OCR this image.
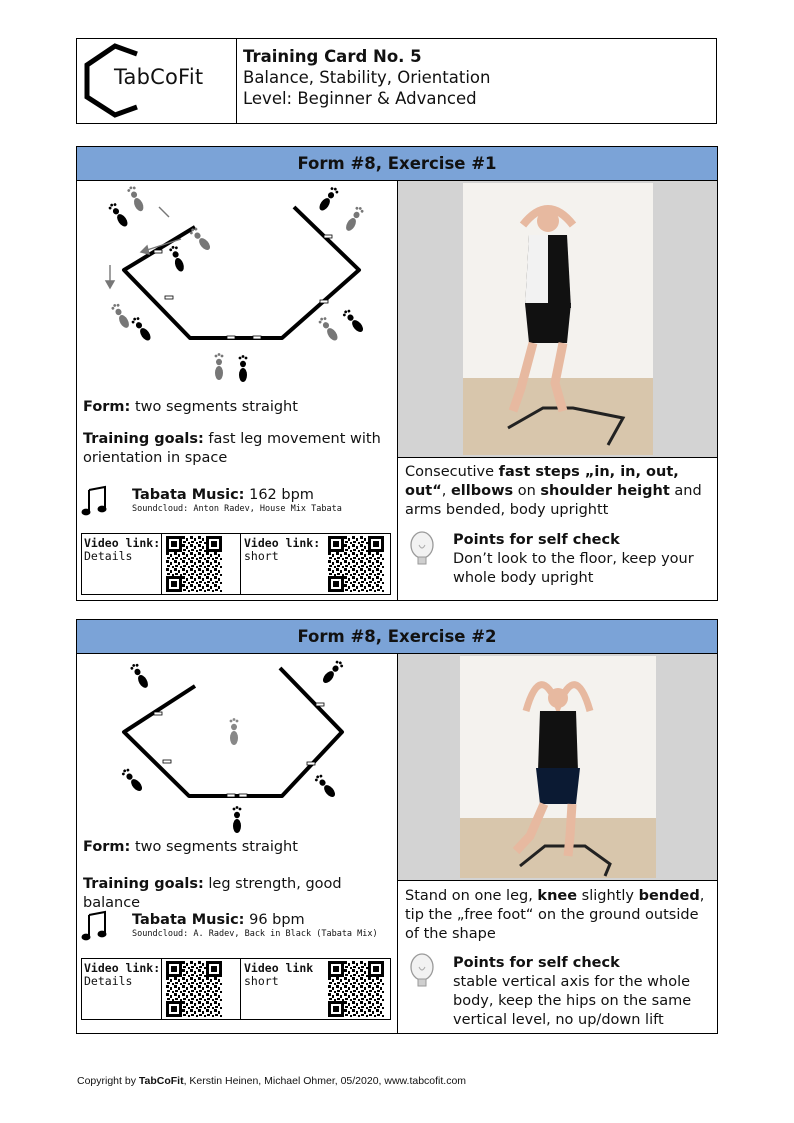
TabCoFit
Training Card No. 5
Balance, Stability, Orientation
Level: Beginner & Advanced
Form #8, Exercise #1
Form: two segments straight
Training goals: fast leg movement with orientation in space
Tabata Music: 162 bpm
Soundcloud: Anton Radev, House Mix Tabata
Video link:
Details
Video link:
short
Consecutive fast steps „in, in, out, out“, ellbows on shoulder height and arms bended, body uprightt
Points for self check
Don’t look to the floor, keep your whole body upright
Form #8, Exercise #2
Form: two segments straight
Training goals: leg strength, good balance
Tabata Music: 96 bpm
Soundcloud: A. Radev, Back in Black (Tabata Mix)
Video link:
Details
Video link
short
Stand on one leg, knee slightly bended, tip the „free foot“ on the ground outside of the shape
Points for self check
stable vertical axis for the whole body, keep the hips on the same vertical level, no up/down lift
Copyright by TabCoFit, Kerstin Heinen, Michael Ohmer, 05/2020, www.tabcofit.com
